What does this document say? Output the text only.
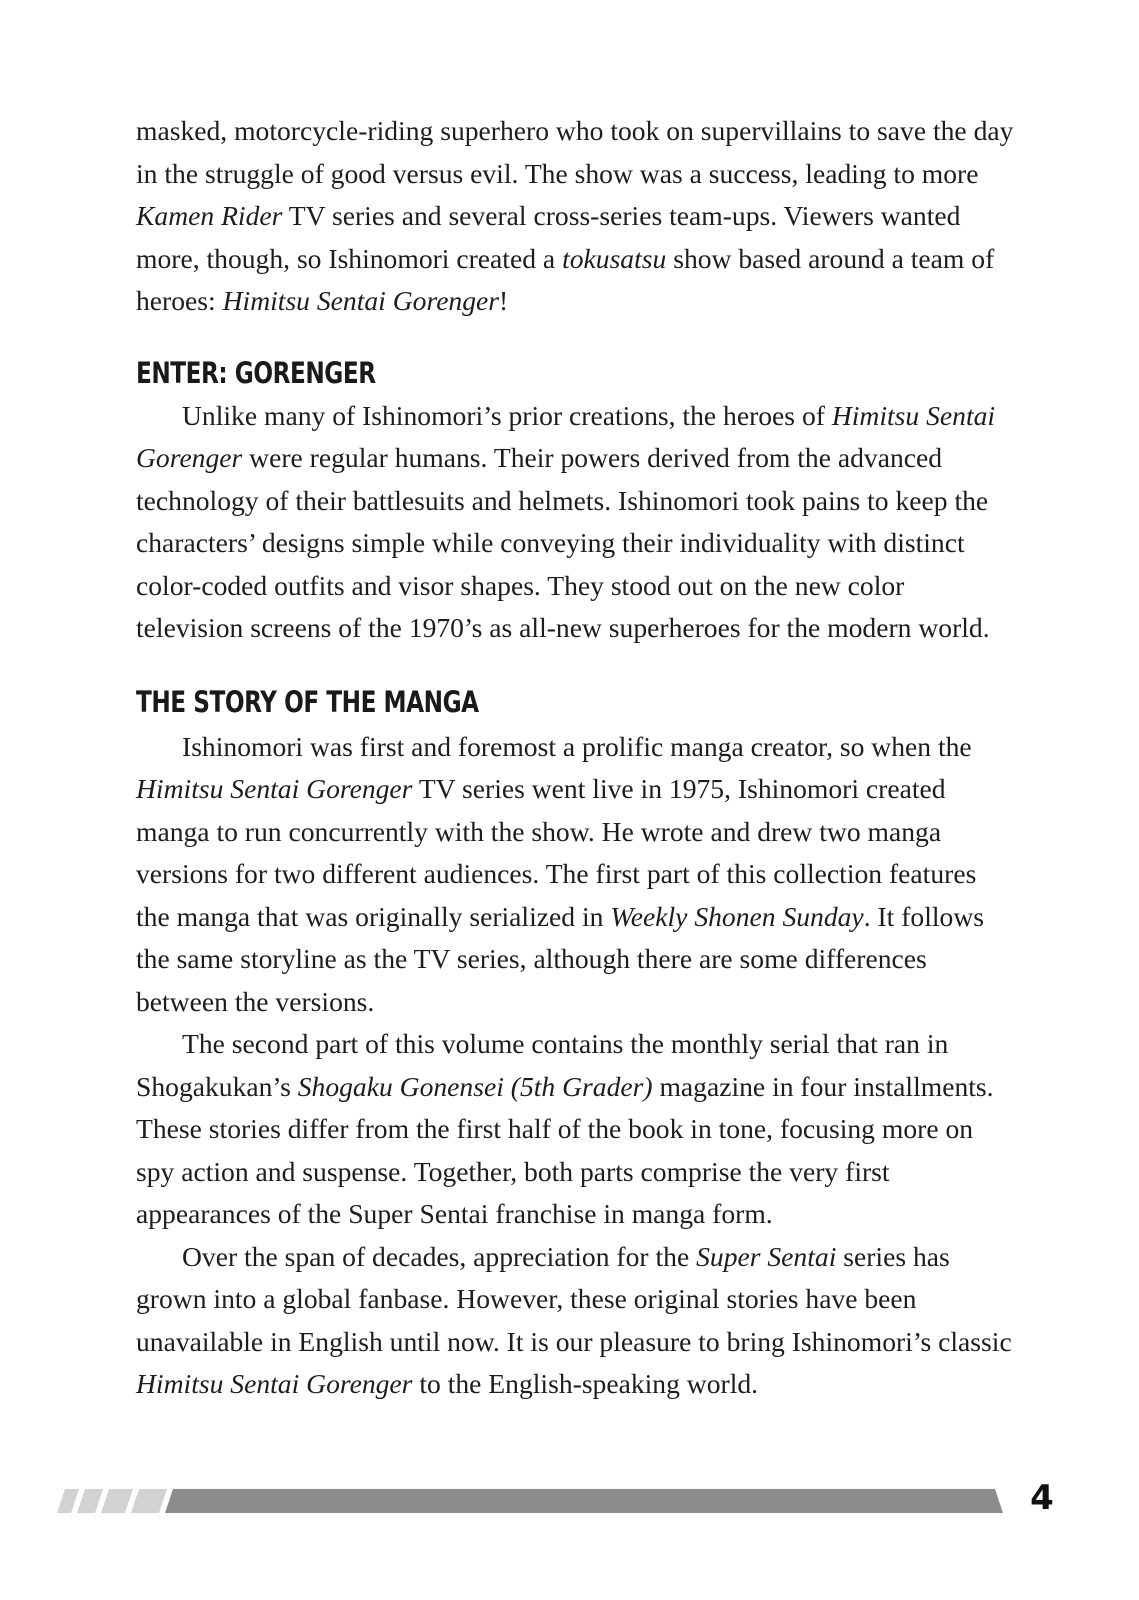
masked, motorcycle-riding superhero who took on supervillains to save the day in the struggle of good versus evil. The show was a success, leading to more Kamen Rider TV series and several cross-series team-ups. Viewers wanted more, though, so Ishinomori created a tokusatsu show based around a team of heroes: Himitsu Sentai Gorenger!

ENTER: GORENGER

Unlike many of Ishinomori’s prior creations, the heroes of Himitsu Sentai Gorenger were regular humans. Their powers derived from the advanced technology of their battlesuits and helmets. Ishinomori took pains to keep the characters’ designs simple while conveying their individuality with distinct color-coded outfits and visor shapes. They stood out on the new color television screens of the 1970’s as all-new superheroes for the modern world.

THE STORY OF THE MANGA

Ishinomori was first and foremost a prolific manga creator, so when the Himitsu Sentai Gorenger TV series went live in 1975, Ishinomori created manga to run concurrently with the show. He wrote and drew two manga versions for two different audiences. The first part of this collection features the manga that was originally serialized in Weekly Shonen Sunday. It follows the same storyline as the TV series, although there are some differences between the versions.

The second part of this volume contains the monthly serial that ran in Shogakukan’s Shogaku Gonensei (5th Grader) magazine in four installments. These stories differ from the first half of the book in tone, focusing more on spy action and suspense. Together, both parts comprise the very first appearances of the Super Sentai franchise in manga form.

Over the span of decades, appreciation for the Super Sentai series has grown into a global fanbase. However, these original stories have been unavailable in English until now. It is our pleasure to bring Ishinomori’s classic Himitsu Sentai Gorenger to the English-speaking world.

4
